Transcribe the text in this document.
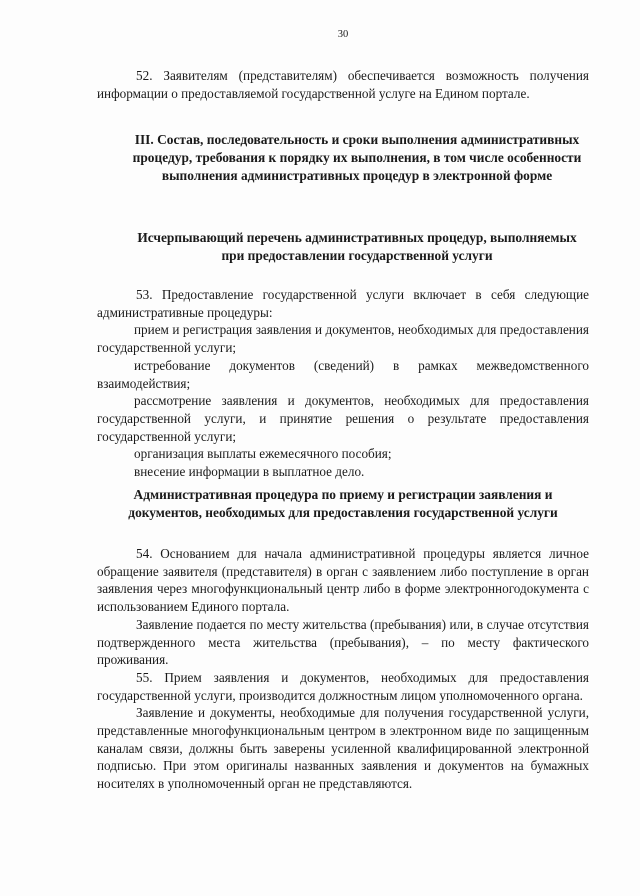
30

52. Заявителям (представителям) обеспечивается возможность получения информации о предоставляемой государственной услуге на Едином портале.

III. Состав, последовательность и сроки выполнения административных процедур, требования к порядку их выполнения, в том числе особенности выполнения административных процедур в электронной форме
Исчерпывающий перечень административных процедур, выполняемых при предоставлении государственной услуги

53. Предоставление государственной услуги включает в себя следующие административные процедуры:

прием и регистрация заявления и документов, необходимых для предоставления государственной услуги;

истребование документов (сведений) в рамках межведомственного взаимодействия;

рассмотрение заявления и документов, необходимых для предоставления государственной услуги, и принятие решения о результате предоставления государственной услуги;

организация выплаты ежемесячного пособия;

внесение информации в выплатное дело.

Административная процедура по приему и регистрации заявления и документов, необходимых для предоставления государственной услуги

54. Основанием для начала административной процедуры является личное обращение заявителя (представителя) в орган с заявлением либо поступление в орган заявления через многофункциональный центр либо в форме электронногодокумента с использованием Единого портала.

Заявление подается по месту жительства (пребывания) или, в случае отсутствия подтвержденного места жительства (пребывания), – по месту фактического проживания.

55. Прием заявления и документов, необходимых для предоставления государственной услуги, производится должностным лицом уполномоченного органа.

Заявление и документы, необходимые для получения государственной услуги, представленные многофункциональным центром в электронном виде по защищенным каналам связи, должны быть заверены усиленной квалифицированной электронной подписью. При этом оригиналы названных заявления и документов на бумажных носителях в уполномоченный орган не представляются.
